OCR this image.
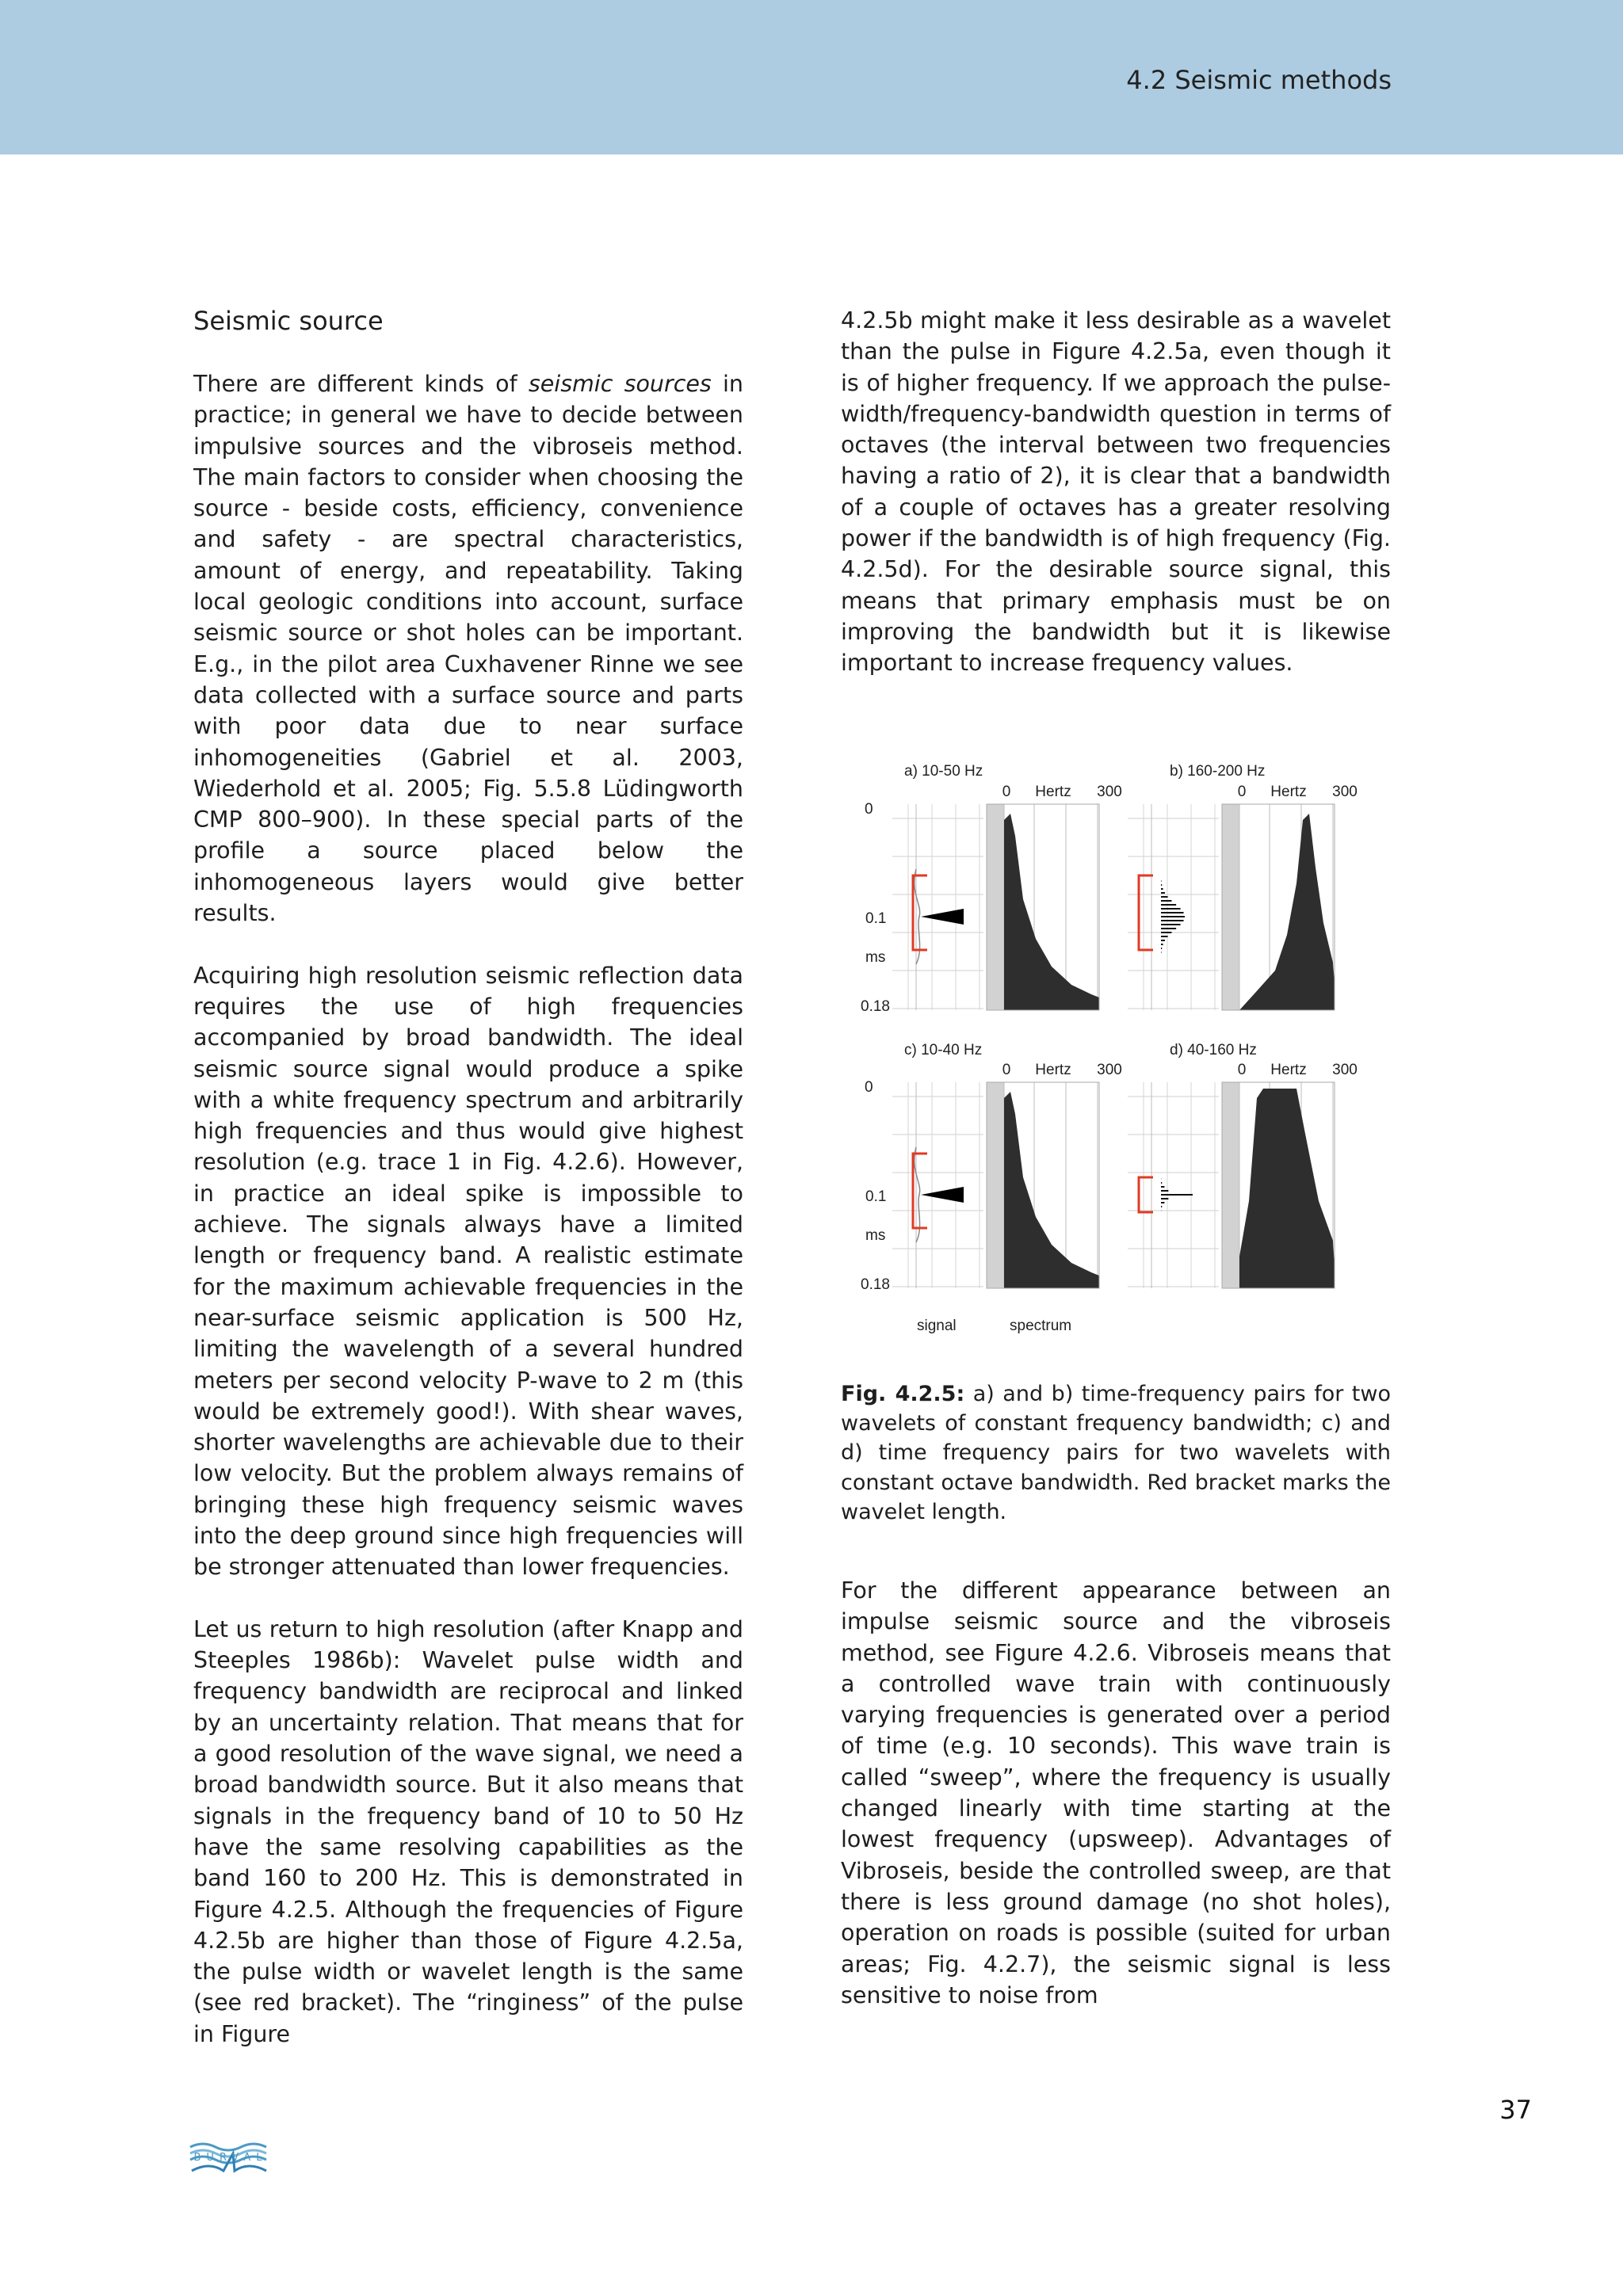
4.2 Seismic methods
Seismic source

There are different kinds of seismic sources in practice; in general we have to decide between impulsive sources and the vibroseis method. The main factors to consider when choosing the source - beside costs, efficiency, convenience and safety - are spectral characteristics, amount of energy, and repeatability. Taking local geologic conditions into account, surface seismic source or shot holes can be important. E.g., in the pilot area Cuxhavener Rinne we see data collected with a surface source and parts with poor data due to near surface inhomogeneities (Gabriel et al. 2003, Wiederhold et al. 2005; Fig. 5.5.8 Lüdingworth CMP 800–900). In these special parts of the profile a source placed below the inhomogeneous layers would give better results.

Acquiring high resolution seismic reflection data requires the use of high frequencies accompanied by broad bandwidth. The ideal seismic source signal would produce a spike with a white frequency spectrum and arbitrarily high frequencies and thus would give highest resolution (e.g. trace 1 in Fig. 4.2.6). However, in practice an ideal spike is impossible to achieve. The signals always have a limited length or frequency band. A realistic estimate for the maximum achievable frequencies in the near-surface seismic application is 500 Hz, limiting the wavelength of a several hundred meters per second velocity P-wave to 2 m (this would be extremely good!). With shear waves, shorter wavelengths are achievable due to their low velocity. But the problem always remains of bringing these high frequency seismic waves into the deep ground since high frequencies will be stronger attenuated than lower frequencies.

Let us return to high resolution (after Knapp and Steeples 1986b): Wavelet pulse width and frequency bandwidth are reciprocal and linked by an uncertainty relation. That means that for a good resolution of the wave signal, we need a broad bandwidth source. But it also means that signals in the frequency band of 10 to 50 Hz have the same resolving capabilities as the band 160 to 200 Hz. This is demonstrated in Figure 4.2.5. Although the frequencies of Figure 4.2.5b are higher than those of Figure 4.2.5a, the pulse width or wavelet length is the same (see red bracket). The “ringiness” of the pulse in Figure

4.2.5b might make it less desirable as a wavelet than the pulse in Figure 4.2.5a, even though it is of higher frequency. If we approach the pulse-width/frequency-bandwidth question in terms of octaves (the interval between two frequencies having a ratio of 2), it is clear that a bandwidth of a couple of octaves has a greater resolving power if the bandwidth is of high frequency (Fig. 4.2.5d). For the desirable source signal, this means that primary emphasis must be on improving the bandwidth but it is likewise important to increase frequency values.

a) 10-50 Hz	b) 160-200 Hz
c) 10-40 Hz	d) 40-160 Hz
0 Hertz 300	0 Hertz 300
0 Hertz 300	0 Hertz 300
0
0.1
ms
0.18
0
0.1
ms
0.18
signal	spectrum
Fig. 4.2.5: a) and b) time-frequency pairs for two wavelets of constant frequency bandwidth; c) and d) time frequency pairs for two wavelets with constant octave bandwidth. Red bracket marks the wavelet length.
For the different appearance between an impulse seismic source and the vibroseis method, see Figure 4.2.6. Vibroseis means that a controlled wave train with continuously varying frequencies is generated over a period of time (e.g. 10 seconds). This wave train is called “sweep”, where the frequency is usually changed linearly with time starting at the lowest frequency (upsweep). Advantages of Vibroseis, beside the controlled sweep, are that there is less ground damage (no shot holes), operation on roads is possible (suited for urban areas; Fig. 4.2.7), the seismic signal is less sensitive to noise from
BURVAL
37
